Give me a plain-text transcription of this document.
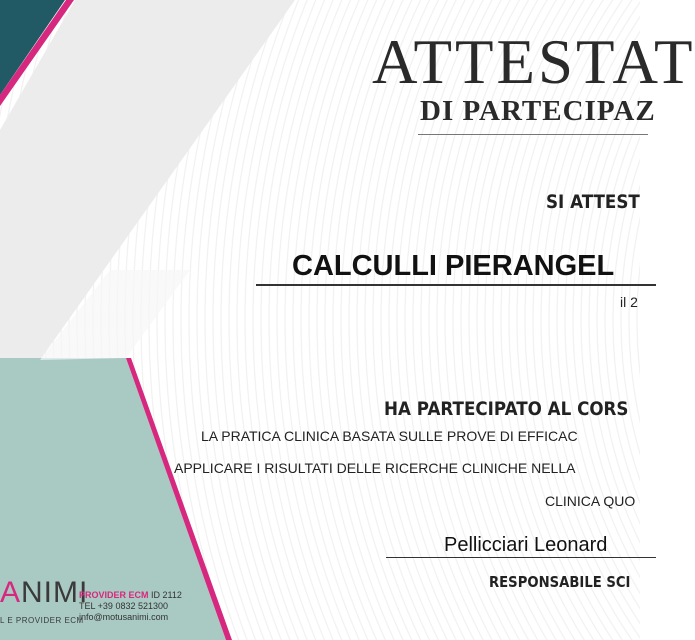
ATTESTAT
DI PARTECIPAZ
SI ATTEST
CALCULLI PIERANGEL
il 2
HA PARTECIPATO AL CORS
LA PRATICA CLINICA BASATA SULLE PROVE DI EFFICAC
APPLICARE I RISULTATI DELLE RICERCHE CLINICHE NELLA
CLINICA QUO
Pellicciari Leonard
RESPONSABILE SCI
ANIMI
L E PROVIDER ECM
PROVIDER ECM ID 2112
TEL +39 0832 521300
info@motusanimi.com
